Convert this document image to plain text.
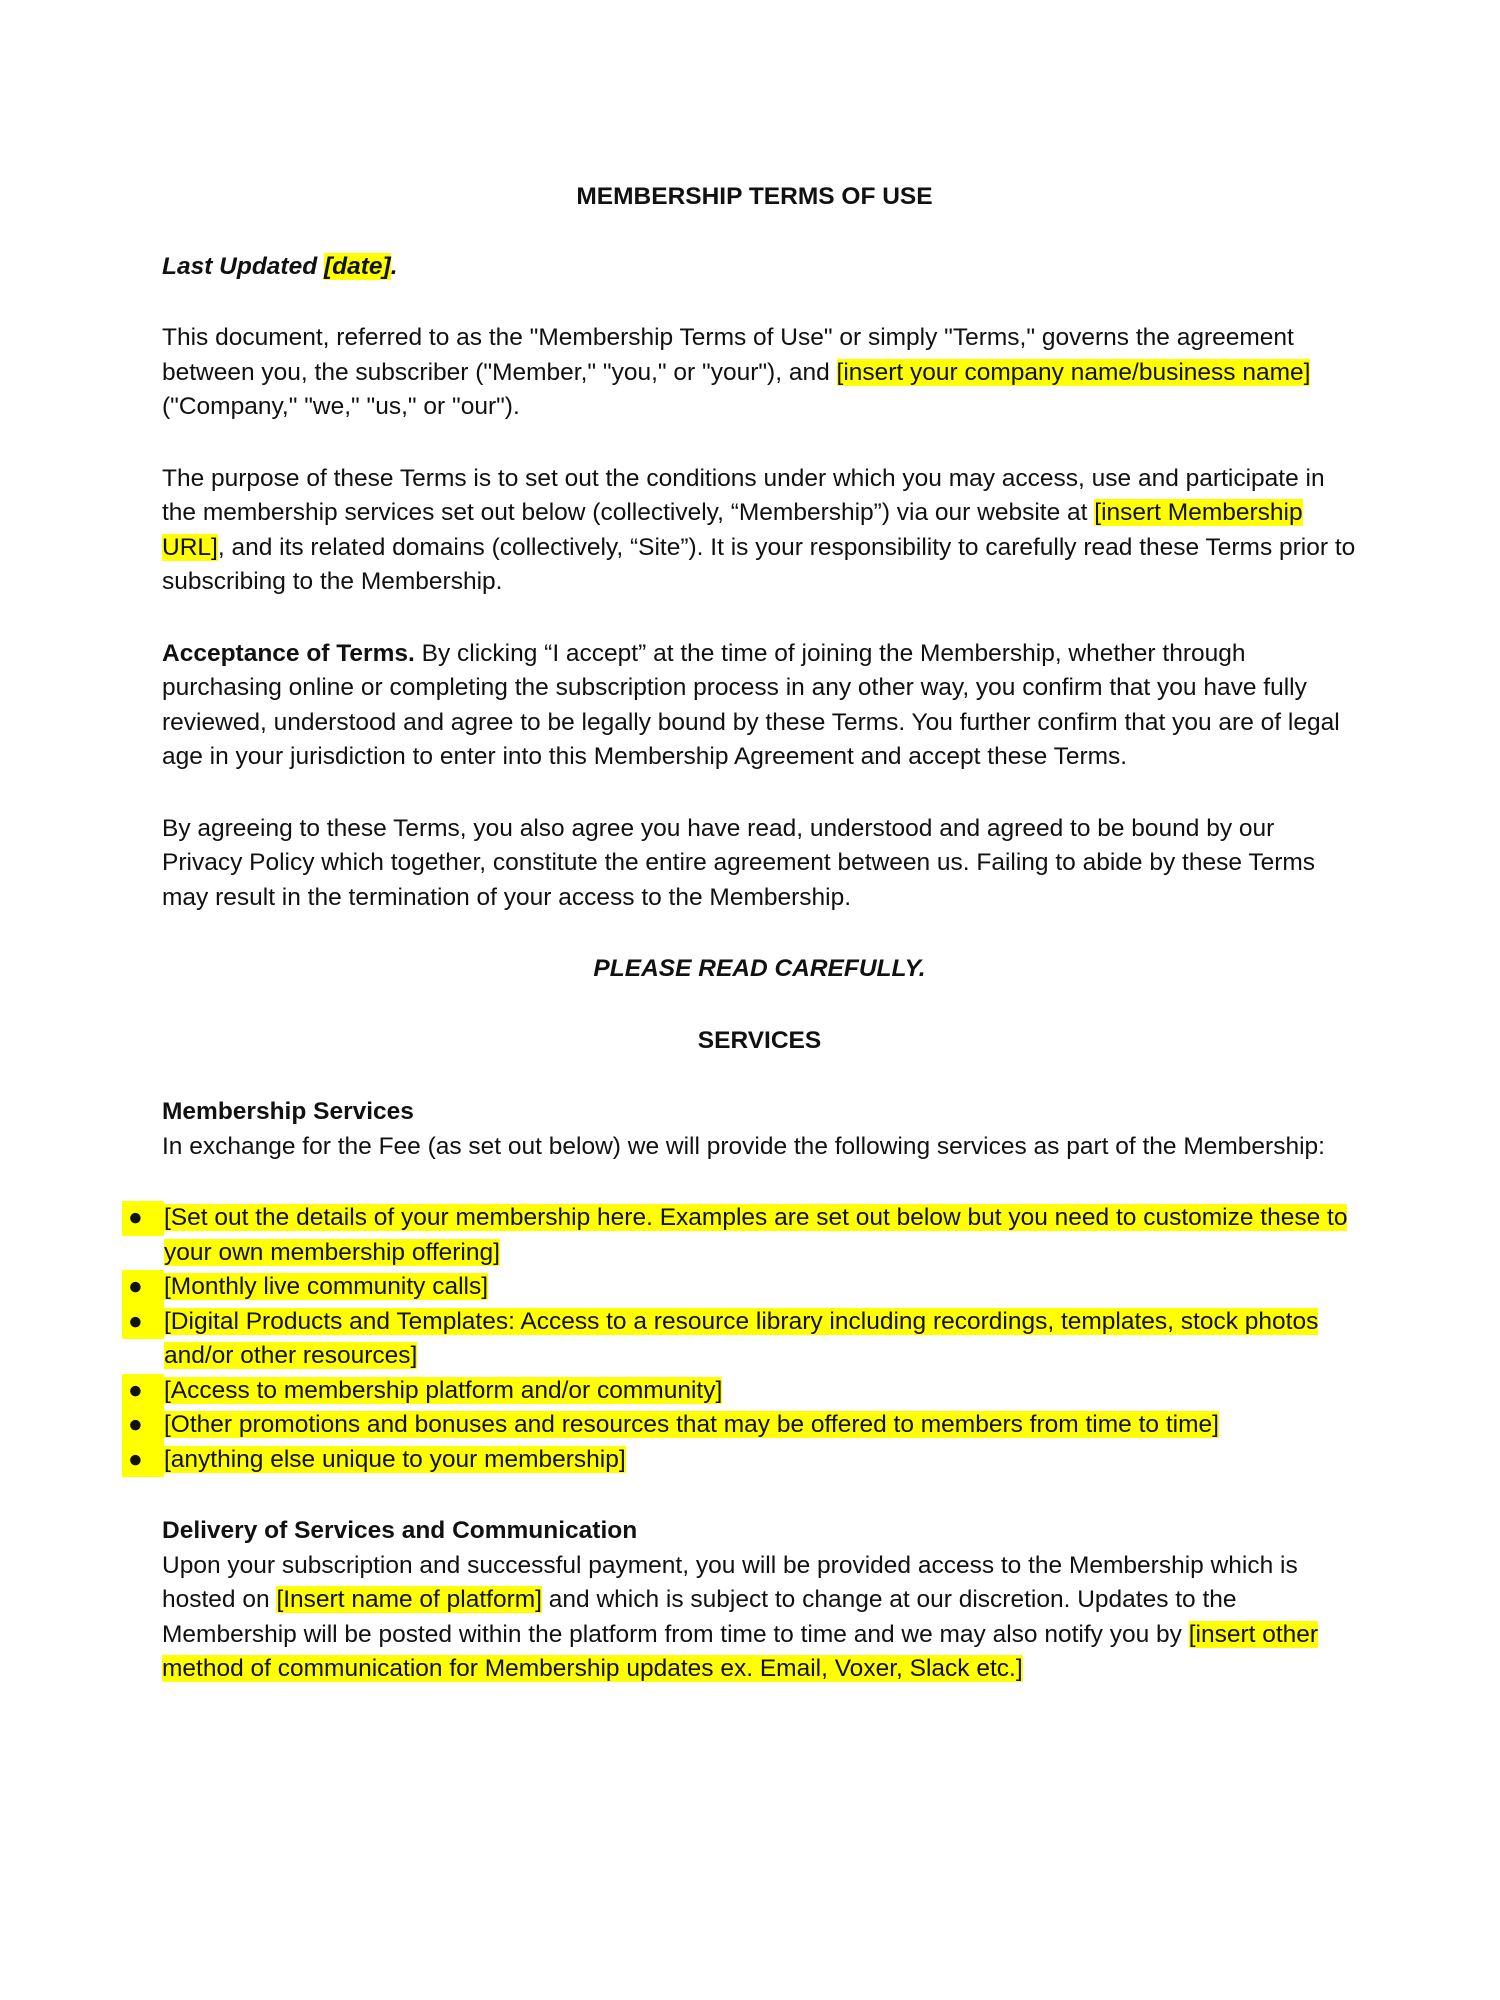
MEMBERSHIP TERMS OF USE

Last Updated [date].

This document, referred to as the "Membership Terms of Use" or simply "Terms," governs the agreement between you, the subscriber ("Member," "you," or "your"), and [insert your company name/business name] ("Company," "we," "us," or "our").

The purpose of these Terms is to set out the conditions under which you may access, use and participate in the membership services set out below (collectively, “Membership”) via our website at [insert Membership URL], and its related domains (collectively, “Site”). It is your responsibility to carefully read these Terms prior to subscribing to the Membership.

Acceptance of Terms. By clicking “I accept” at the time of joining the Membership, whether through purchasing online or completing the subscription process in any other way, you confirm that you have fully reviewed, understood and agree to be legally bound by these Terms. You further confirm that you are of legal age in your jurisdiction to enter into this Membership Agreement and accept these Terms.

By agreeing to these Terms, you also agree you have read, understood and agreed to be bound by our Privacy Policy which together, constitute the entire agreement between us. Failing to abide by these Terms may result in the termination of your access to the Membership.

PLEASE READ CAREFULLY.

SERVICES

Membership Services

In exchange for the Fee (as set out below) we will provide the following services as part of the Membership:

● [Set out the details of your membership here. Examples are set out below but you need to customize these to your own membership offering]
● [Monthly live community calls]
● [Digital Products and Templates: Access to a resource library including recordings, templates, stock photos and/or other resources]
● [Access to membership platform and/or community]
● [Other promotions and bonuses and resources that may be offered to members from time to time]
● [anything else unique to your membership]

Delivery of Services and Communication

Upon your subscription and successful payment, you will be provided access to the Membership which is hosted on [Insert name of platform] and which is subject to change at our discretion. Updates to the Membership will be posted within the platform from time to time and we may also notify you by [insert other method of communication for Membership updates ex. Email, Voxer, Slack etc.]
